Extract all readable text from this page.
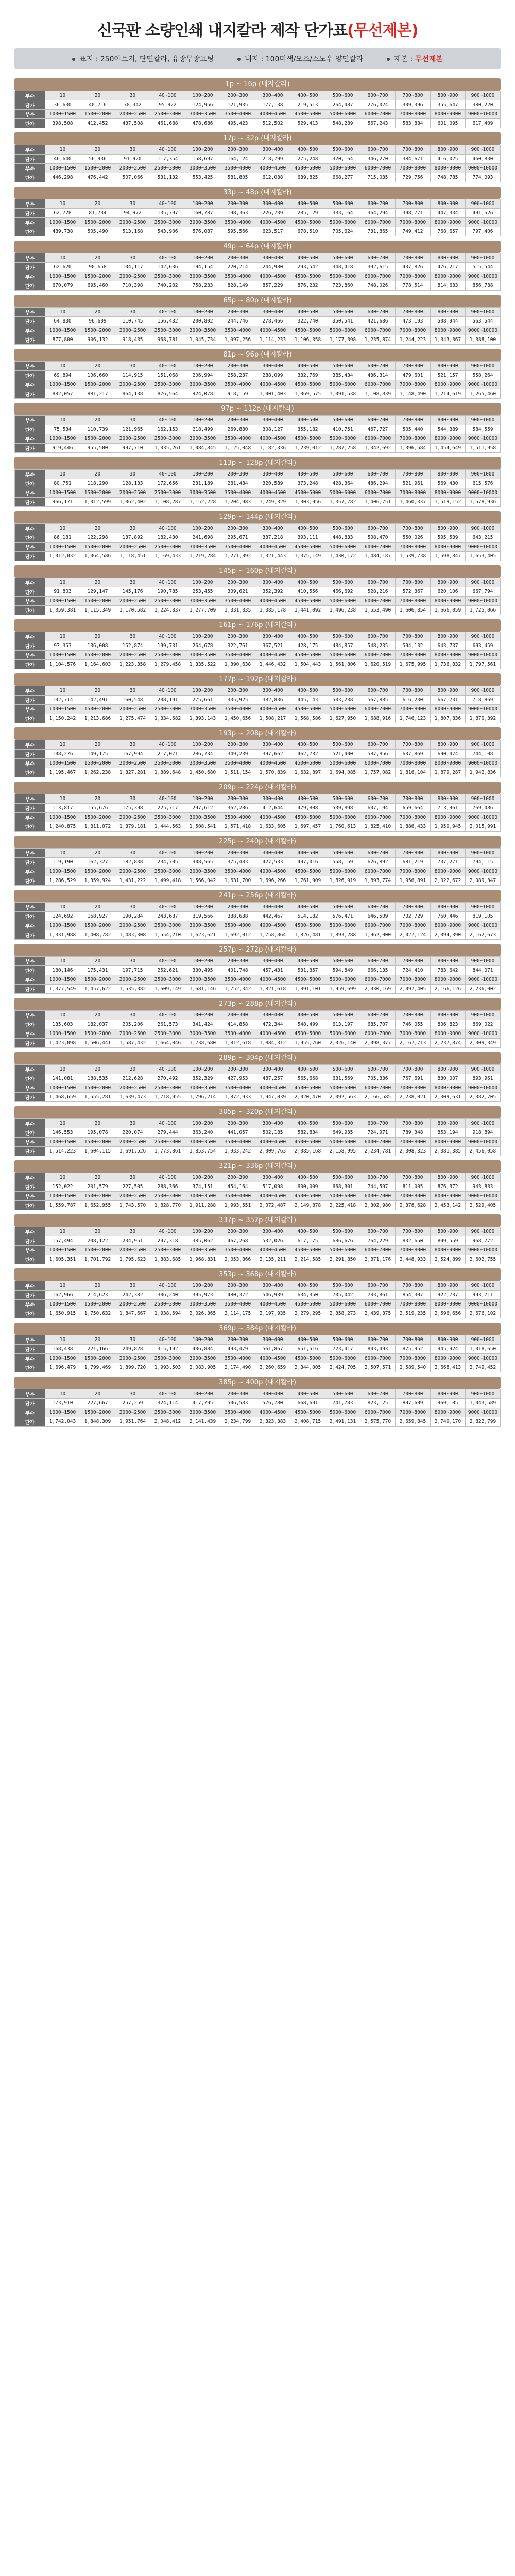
신국판 소량인쇄 내지칼라 제작 단가표(무선제본)
표지 : 250아트지, 단면칼라, 유광무광코팅	내지 : 100미색/모조/스노우 양면칼라	제본 : 무선제본
1p ~ 16p (내지칼라)
부수	10	20	30	40~100	100~200	200~300	300~400	400~500	500~600	600~700	700~800	800~900	900~1000
단가	36,630	40,716	78,342	95,922	124,956	121,935	177,138	219,513	264,487	276,024	309,396	355,647	380,220
부수	1000~1500	1500~2000	2000~2500	2500~3000	3000~3500	3500~4000	4000~4500	4500~5000	5000~6000	6000~7000	7000~8000	8000~9000	9000~10000
단가	398,508	412,452	437,508	461,688	478,686	495,423	512,502	529,413	548,289	567,243	583,884	601,095	617,409
17p ~ 32p (내지칼라)
부수	10	20	30	40~100	100~200	200~300	300~400	400~500	500~600	600~700	700~800	800~900	900~1000
단가	46,640	56,936	91,920	117,354	158,697	164,124	218,799	275,248	320,164	346,270	384,671	416,025	460,830
부수	1000~1500	1500~2000	2000~2500	2500~3000	3000~3500	3500~4000	4000~4500	4500~5000	5000~6000	6000~7000	7000~8000	8000~9000	9000~10000
단가	446,298	476,442	507,066	531,132	553,425	581,805	612,038	639,825	668,277	715,035	729,756	748,785	774,093
33p ~ 48p (내지칼라)
부수	10	20	30	40~100	100~200	200~300	300~400	400~500	500~600	600~700	700~800	800~900	900~1000
단가	62,728	81,734	94,972	135,797	160,787	198,363	226,739	285,129	333,164	364,294	398,771	447,334	491,526
부수	1000~1500	1500~2000	2000~2500	2500~3000	3000~3500	3500~4000	4000~4500	4500~5000	5000~6000	6000~7000	7000~8000	8000~9000	9000~10000
단가	489,738	505,490	513,168	543,906	576,087	595,566	623,517	678,510	705,624	731,865	749,412	768,657	797,406
49p ~ 64p (내지칼라)
부수	10	20	30	40~100	100~200	200~300	300~400	400~500	500~600	600~700	700~800	800~900	900~1000
단가	62,620	90,658	104,117	142,636	194,154	220,714	244,980	293,542	348,418	392,615	437,826	476,217	515,544
부수	1000~1500	1500~2000	2000~2500	2500~3000	3000~3500	3500~4000	4000~4500	4500~5000	5000~6000	6000~7000	7000~8000	8000~9000	9000~10000
단가	670,079	695,460	710,398	740,202	758,233	828,149	857,229	876,232	723,860	748,026	778,514	814,633	856,788
65p ~ 80p (내지칼라)
부수	10	20	30	40~100	100~200	200~300	300~400	400~500	500~600	600~700	700~800	800~900	900~1000
단가	64,830	96,609	110,745	156,432	200,802	244,746	278,466	322,740	350,541	421,686	473,193	508,944	563,544
부수	1000~1500	1500~2000	2000~2500	2500~3000	3000~3500	3500~4000	4000~4500	4500~5000	5000~6000	6000~7000	7000~8000	8000~9000	9000~10000
단가	877,800	906,132	918,435	968,781	1,045,734	1,097,256	1,114,233	1,106,358	1,177,398	1,235,874	1,244,223	1,343,367	1,388,100
81p ~ 96p (내지칼라)
부수	10	20	30	40~100	100~200	200~300	300~400	400~500	500~600	600~700	700~800	800~900	900~1000
단가	69,894	106,660	114,915	151,068	206,994	258,237	288,099	332,769	385,434	436,314	479,601	521,157	558,264
부수	1000~1500	1500~2000	2000~2500	2500~3000	3000~3500	3500~4000	4000~4500	4500~5000	5000~6000	6000~7000	7000~8000	8000~9000	9000~10000
단가	882,057	881,217	864,138	876,564	924,078	918,159	1,001,403	1,069,575	1,091,538	1,108,839	1,148,490	1,214,619	1,265,460
97p ~ 112p (내지칼라)
부수	10	20	30	40~100	100~200	200~300	300~400	400~500	500~600	600~700	700~800	800~900	900~1000
단가	75,534	110,739	121,965	162,153	218,499	269,880	308,127	355,182	410,751	467,727	505,440	544,389	584,559
부수	1000~1500	1500~2000	2000~2500	2500~3000	3000~3500	3500~4000	4000~4500	4500~5000	5000~6000	6000~7000	7000~8000	8000~9000	9000~10000
단가	919,446	955,500	997,710	1,035,261	1,084,845	1,125,048	1,182,336	1,239,012	1,287,258	1,342,692	1,396,584	1,454,649	1,511,958
113p ~ 128p (내지칼라)
부수	10	20	30	40~100	100~200	200~300	300~400	400~500	500~600	600~700	700~800	800~900	900~1000
단가	80,751	118,290	128,133	172,656	231,189	281,484	320,589	373,248	428,364	486,294	521,961	569,430	615,576
부수	1000~1500	1500~2000	2000~2500	2500~3000	3000~3500	3500~4000	4000~4500	4500~5000	5000~6000	6000~7000	7000~8000	8000~9000	9000~10000
단가	966,171	1,012,599	1,062,402	1,108,287	1,152,228	1,204,983	1,249,329	1,303,956	1,357,782	1,406,751	1,460,337	1,519,152	1,578,936
129p ~ 144p (내지칼라)
부수	10	20	30	40~100	100~200	200~300	300~400	400~500	500~600	600~700	700~800	800~900	900~1000
단가	86,181	122,298	137,892	182,430	241,698	295,671	337,218	393,111	448,833	508,470	550,026	595,539	643,215
부수	1000~1500	1500~2000	2000~2500	2500~3000	3000~3500	3500~4000	4000~4500	4500~5000	5000~6000	6000~7000	7000~8000	8000~9000	9000~10000
단가	1,012,032	1,064,586	1,118,451	1,169,433	1,219,284	1,271,892	1,321,443	1,375,149	1,430,172	1,484,187	1,539,738	1,598,847	1,653,405
145p ~ 160p (내지칼라)
부수	10	20	30	40~100	100~200	200~300	300~400	400~500	500~600	600~700	700~800	800~900	900~1000
단가	91,803	129,147	145,176	190,785	253,455	309,621	352,392	410,556	466,692	528,216	572,367	620,106	667,794
부수	1000~1500	1500~2000	2000~2500	2500~3000	3000~3500	3500~4000	4000~4500	4500~5000	5000~6000	6000~7000	7000~8000	8000~9000	9000~10000
단가	1,059,381	1,115,349	1,170,582	1,224,837	1,277,709	1,331,835	1,385,178	1,441,092	1,496,238	1,553,490	1,606,854	1,666,059	1,725,066
161p ~ 176p (내지칼라)
부수	10	20	30	40~100	100~200	200~300	300~400	400~500	500~600	600~700	700~800	800~900	900~1000
단가	97,353	136,008	152,874	199,731	264,678	322,761	367,521	428,175	484,857	548,235	594,132	643,737	693,459
부수	1000~1500	1500~2000	2000~2500	2500~3000	3000~3500	3500~4000	4000~4500	4500~5000	5000~6000	6000~7000	7000~8000	8000~9000	9000~10000
단가	1,104,576	1,164,603	1,223,358	1,279,458	1,335,522	1,390,638	1,446,432	1,504,443	1,561,806	1,620,519	1,675,995	1,736,832	1,797,561
177p ~ 192p (내지칼라)
부수	10	20	30	40~100	100~200	200~300	300~400	400~500	500~600	600~700	700~800	800~900	900~1000
단가	102,714	142,491	160,548	208,191	275,661	335,925	382,836	445,143	503,238	567,885	616,230	667,731	718,869
부수	1000~1500	1500~2000	2000~2500	2500~3000	3000~3500	3500~4000	4000~4500	4500~5000	5000~6000	6000~7000	7000~8000	8000~9000	9000~10000
단가	1,150,242	1,213,686	1,275,474	1,334,682	1,393,143	1,450,656	1,508,217	1,568,586	1,627,950	1,688,916	1,746,123	1,807,836	1,870,392
193p ~ 208p (내지칼라)
부수	10	20	30	40~100	100~200	200~300	300~400	400~500	500~600	600~700	700~800	800~900	900~1000
단가	108,276	149,175	167,994	217,071	286,734	349,239	397,662	462,732	521,400	587,856	637,869	690,474	744,108
부수	1000~1500	1500~2000	2000~2500	2500~3000	3000~3500	3500~4000	4000~4500	4500~5000	5000~6000	6000~7000	7000~8000	8000~9000	9000~10000
단가	1,195,467	1,262,238	1,327,281	1,389,648	1,450,680	1,511,154	1,570,839	1,632,897	1,694,085	1,757,082	1,816,104	1,879,287	1,942,836
209p ~ 224p (내지칼라)
부수	10	20	30	40~100	100~200	200~300	300~400	400~500	500~600	600~700	700~800	800~900	900~1000
단가	113,817	155,676	175,398	225,717	297,612	362,286	412,644	479,808	539,898	607,194	659,664	713,961	769,086
부수	1000~1500	1500~2000	2000~2500	2500~3000	3000~3500	3500~4000	4000~4500	4500~5000	5000~6000	6000~7000	7000~8000	8000~9000	9000~10000
단가	1,240,875	1,311,072	1,379,181	1,444,563	1,508,541	1,571,418	1,633,605	1,697,457	1,760,613	1,825,410	1,886,433	1,950,945	2,015,991
225p ~ 240p (내지칼라)
부수	10	20	30	40~100	100~200	200~300	300~400	400~500	500~600	600~700	700~800	800~900	900~1000
단가	119,190	162,327	182,838	234,705	308,565	375,483	427,533	497,016	558,159	626,892	681,219	737,271	794,115
부수	1000~1500	1500~2000	2000~2500	2500~3000	3000~3500	3500~4000	4000~4500	4500~5000	5000~6000	6000~7000	7000~8000	8000~9000	9000~10000
단가	1,286,529	1,359,924	1,431,222	1,499,418	1,566,042	1,631,700	1,696,266	1,761,909	1,826,919	1,893,774	1,956,891	2,022,672	2,089,347
241p ~ 256p (내지칼라)
부수	10	20	30	40~100	100~200	200~300	300~400	400~500	500~600	600~700	700~800	800~900	900~1000
단가	124,692	168,927	190,284	243,687	319,566	388,638	442,467	514,182	576,471	646,509	702,729	760,446	819,105
부수	1000~1500	1500~2000	2000~2500	2500~3000	3000~3500	3500~4000	4000~4500	4500~5000	5000~6000	6000~7000	7000~8000	8000~9000	9000~10000
단가	1,331,988	1,408,782	1,483,308	1,554,210	1,623,621	1,692,012	1,758,864	1,826,481	1,893,288	1,962,000	2,027,124	2,094,390	2,162,673
257p ~ 272p (내지칼라)
부수	10	20	30	40~100	100~200	200~300	300~400	400~500	500~600	600~700	700~800	800~900	900~1000
단가	130,146	175,431	197,715	252,621	330,495	401,748	457,431	531,357	594,849	666,135	724,410	783,642	844,071
부수	1000~1500	1500~2000	2000~2500	2500~3000	3000~3500	3500~4000	4000~4500	4500~5000	5000~6000	6000~7000	7000~8000	8000~9000	9000~10000
단가	1,377,549	1,457,622	1,535,382	1,609,149	1,681,146	1,752,342	1,821,618	1,891,101	1,959,699	2,030,169	2,097,405	2,166,126	2,236,002
273p ~ 288p (내지칼라)
부수	10	20	30	40~100	100~200	200~300	300~400	400~500	500~600	600~700	700~800	800~900	900~1000
단가	135,603	182,037	205,206	261,573	341,424	414,858	472,344	548,499	613,197	685,707	746,055	806,823	869,022
부수	1000~1500	1500~2000	2000~2500	2500~3000	3000~3500	3500~4000	4000~4500	4500~5000	5000~6000	6000~7000	7000~8000	8000~9000	9000~10000
단가	1,423,098	1,506,441	1,587,432	1,664,046	1,738,680	1,812,618	1,884,312	1,955,760	2,026,140	2,098,377	2,167,713	2,237,874	2,309,349
289p ~ 304p (내지칼라)
부수	10	20	30	40~100	100~200	200~300	300~400	400~500	500~600	600~700	700~800	800~900	900~1000
단가	141,081	188,535	212,628	270,492	352,329	427,953	487,257	565,668	631,569	705,336	767,691	830,007	893,961
부수	1000~1500	1500~2000	2000~2500	2500~3000	3000~3500	3500~4000	4000~4500	4500~5000	5000~6000	6000~7000	7000~8000	8000~9000	9000~10000
단가	1,468,659	1,555,281	1,639,473	1,718,955	1,796,214	1,872,933	1,947,039	2,020,470	2,092,563	2,166,585	2,238,021	2,309,631	2,382,705
305p ~ 320p (내지칼라)
부수	10	20	30	40~100	100~200	200~300	300~400	400~500	500~600	600~700	700~800	800~900	900~1000
단가	146,553	195,078	220,074	279,444	363,240	441,057	502,185	582,834	649,935	724,971	789,348	853,194	918,894
부수	1000~1500	1500~2000	2000~2500	2500~3000	3000~3500	3500~4000	4000~4500	4500~5000	5000~6000	6000~7000	7000~8000	8000~9000	9000~10000
단가	1,514,223	1,604,115	1,691,526	1,773,861	1,853,754	1,933,242	2,009,763	2,085,168	2,158,995	2,234,781	2,308,323	2,381,385	2,456,058
321p ~ 336p (내지칼라)
부수	10	20	30	40~100	100~200	200~300	300~400	400~500	500~600	600~700	700~800	800~900	900~1000
단가	152,022	201,579	227,505	288,366	374,151	454,164	517,098	600,009	668,301	744,597	811,005	876,372	943,833
부수	1000~1500	1500~2000	2000~2500	2500~3000	3000~3500	3500~4000	4000~4500	4500~5000	5000~6000	6000~7000	7000~8000	8000~9000	9000~10000
단가	1,559,787	1,652,955	1,743,570	1,828,770	1,911,288	1,993,551	2,072,487	2,149,878	2,225,418	2,302,980	2,378,628	2,453,142	2,529,405
337p ~ 352p (내지칼라)
부수	10	20	30	40~100	100~200	200~300	300~400	400~500	500~600	600~700	700~800	800~900	900~1000
단가	157,494	208,122	234,951	297,318	385,062	467,268	532,026	617,175	686,676	764,229	832,650	899,559	968,772
부수	1000~1500	1500~2000	2000~2500	2500~3000	3000~3500	3500~4000	4000~4500	4500~5000	5000~6000	6000~7000	7000~8000	8000~9000	9000~10000
단가	1,605,351	1,701,792	1,795,623	1,883,685	1,968,831	2,053,866	2,135,211	2,214,585	2,291,850	2,371,176	2,448,933	2,524,899	2,602,755
353p ~ 368p (내지칼라)
부수	10	20	30	40~100	100~200	200~300	300~400	400~500	500~600	600~700	700~800	800~900	900~1000
단가	162,966	214,623	242,382	306,240	395,973	480,372	546,939	634,350	705,042	783,861	854,307	922,737	993,711
부수	1000~1500	1500~2000	2000~2500	2500~3000	3000~3500	3500~4000	4000~4500	4500~5000	5000~6000	6000~7000	7000~8000	8000~9000	9000~10000
단가	1,650,915	1,750,632	1,847,667	1,938,594	2,026,365	2,114,175	2,197,935	2,279,295	2,358,273	2,439,375	2,519,235	2,596,656	2,676,102
369p ~ 384p (내지칼라)
부수	10	20	30	40~100	100~200	200~300	300~400	400~500	500~600	600~700	700~800	800~900	900~1000
단가	168,438	221,166	249,828	315,192	406,884	493,479	561,867	651,516	723,417	803,493	875,952	945,924	1,018,650
부수	1000~1500	1500~2000	2000~2500	2500~3000	3000~3500	3500~4000	4000~4500	4500~5000	5000~6000	6000~7000	7000~8000	8000~9000	9000~10000
단가	1,696,479	1,799,469	1,899,720	1,993,503	2,083,905	2,174,490	2,260,659	2,344,005	2,424,705	2,507,571	2,589,540	2,668,413	2,749,452
385p ~ 400p (내지칼라)
부수	10	20	30	40~100	100~200	200~300	300~400	400~500	500~600	600~700	700~800	800~900	900~1000
단가	173,910	227,667	257,259	324,114	417,795	506,583	576,780	668,691	741,783	823,125	897,609	969,105	1,043,589
부수	1000~1500	1500~2000	2000~2500	2500~3000	3000~3500	3500~4000	4000~4500	4500~5000	5000~6000	6000~7000	7000~8000	8000~9000	9000~10000
단가	1,742,043	1,848,309	1,951,764	2,048,412	2,141,439	2,234,799	2,323,383	2,408,715	2,491,131	2,575,770	2,659,845	2,740,170	2,822,799
